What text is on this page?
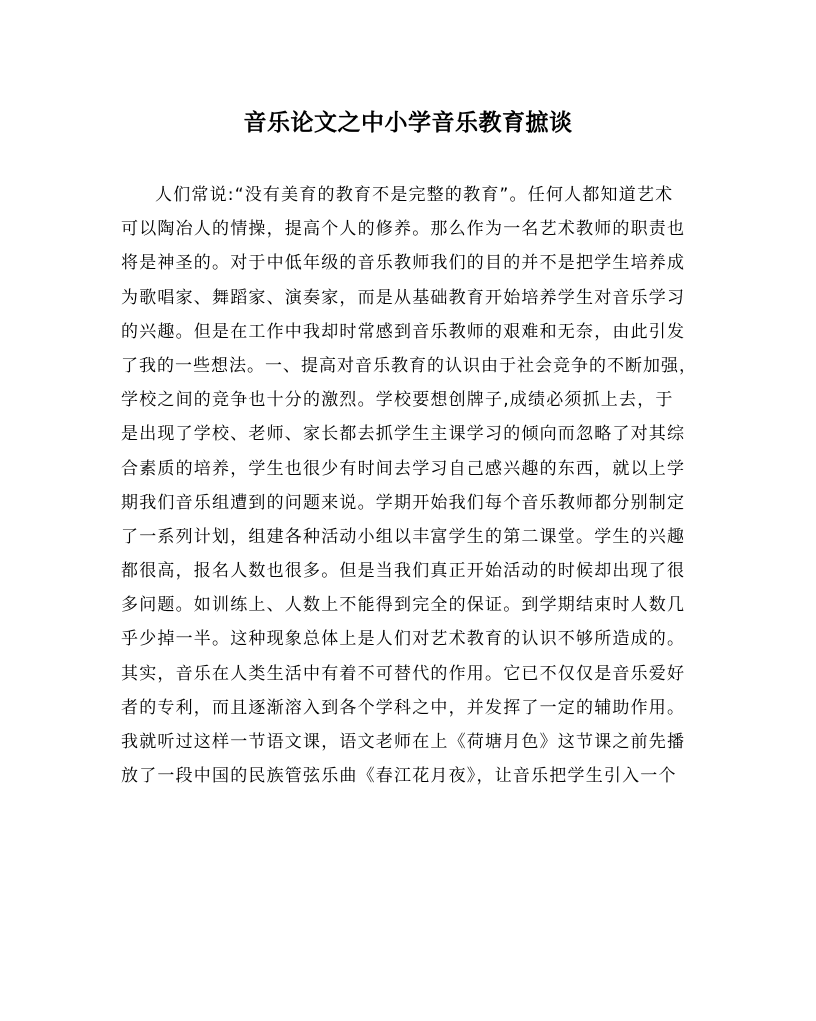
音乐论文之中小学音乐教育摭谈
人们常说:“没有美育的教育不是完整的教育”。任何人都知道艺术
可以陶冶人的情操，提高个人的修养。那么作为一名艺术教师的职责也
将是神圣的。对于中低年级的音乐教师我们的目的并不是把学生培养成
为歌唱家、舞蹈家、演奏家，而是从基础教育开始培养学生对音乐学习
的兴趣。但是在工作中我却时常感到音乐教师的艰难和无奈，由此引发
了我的一些想法。一、提高对音乐教育的认识由于社会竞争的不断加强，
学校之间的竞争也十分的激烈。学校要想创牌子,成绩必须抓上去，于
是出现了学校、老师、家长都去抓学生主课学习的倾向而忽略了对其综
合素质的培养，学生也很少有时间去学习自己感兴趣的东西，就以上学
期我们音乐组遭到的问题来说。学期开始我们每个音乐教师都分别制定
了一系列计划，组建各种活动小组以丰富学生的第二课堂。学生的兴趣
都很高，报名人数也很多。但是当我们真正开始活动的时候却出现了很
多问题。如训练上、人数上不能得到完全的保证。到学期结束时人数几
乎少掉一半。这种现象总体上是人们对艺术教育的认识不够所造成的。
其实，音乐在人类生活中有着不可替代的作用。它已不仅仅是音乐爱好
者的专利，而且逐渐溶入到各个学科之中，并发挥了一定的辅助作用。
我就听过这样一节语文课，语文老师在上《荷塘月色》这节课之前先播
放了一段中国的民族管弦乐曲《春江花月夜》，让音乐把学生引入一个
